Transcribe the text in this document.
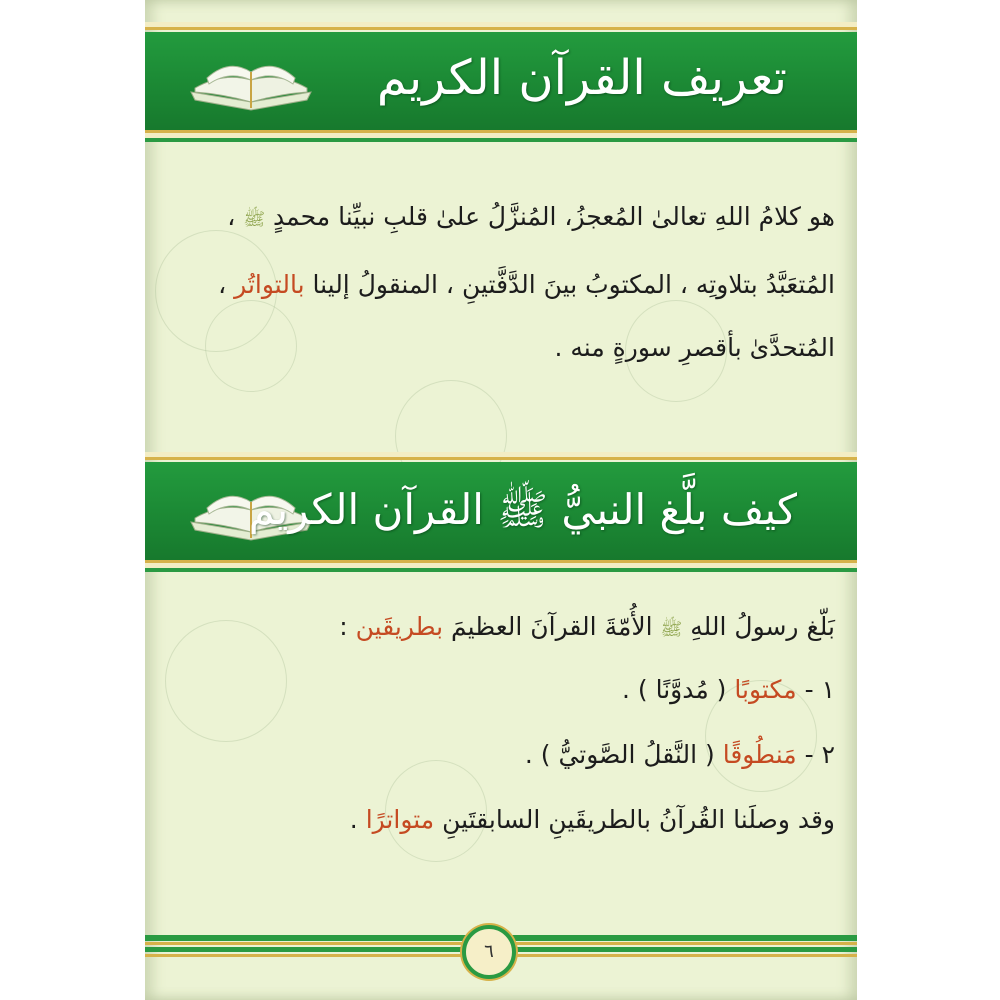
تعريف القرآن الكريم
هو كلامُ اللهِ تعالىٰ المُعجزُ، المُنزَّلُ علىٰ قلبِ نبيِّنا محمدٍ ﷺ ،
المُتعَبَّدُ بتلاوتِه ، المكتوبُ بينَ الدَّفَّتينِ ، المنقولُ إلينا بالتواتُر ،
المُتحدَّىٰ بأقصرِ سورةٍ منه .
كيف بلَّغ النبيُّ ﷺ القرآن الكريم
بَلّغ رسولُ اللهِ ﷺ الأُمّةَ القرآنَ العظيمَ بطريقَين :
١ - مكتوبًا ( مُدوَّنًا ) .
٢ - مَنطُوقًا ( النَّقلُ الصَّوتيُّ ) .
وقد وصلَنا القُرآنُ بالطريقَينِ السابقتَينِ متواترًا .
٦
